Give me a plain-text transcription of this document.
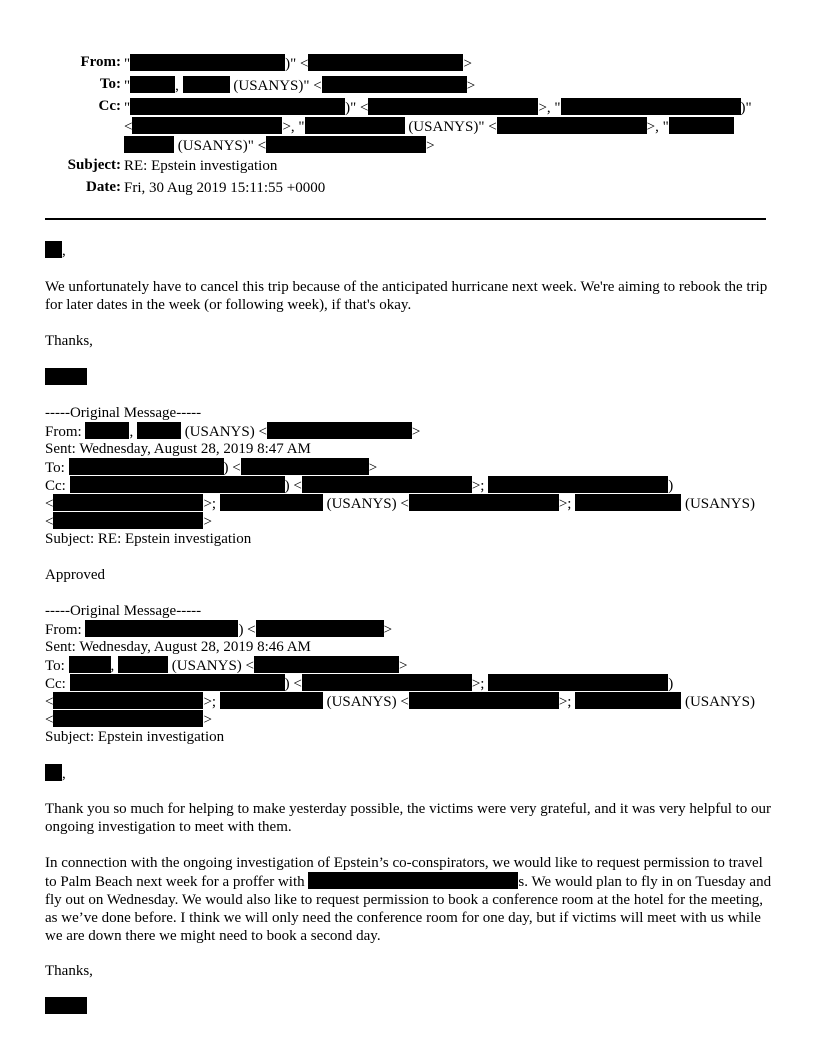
From: "	)" <	>
To: "	,	(USANYS)" <	>
Cc: "	)" <	>, "	)"
<	>, "	(USANYS)" <	>, "
(USANYS)" <	>
Subject: RE: Epstein investigation
Date: Fri, 30 Aug 2019 15:11:55 +0000
,
We unfortunately have to cancel this trip because of the anticipated hurricane next week. We're aiming to rebook the trip for later dates in the week (or following week), if that's okay.
Thanks,
-----Original Message-----
From:	,	(USANYS) <	>
Sent: Wednesday, August 28, 2019 8:47 AM
To:	) <	>
Cc:	) <	>;	)
<	>;	(USANYS) <	>;	(USANYS)
<	>
Subject: RE: Epstein investigation
Approved
-----Original Message-----
From:	) <	>
Sent: Wednesday, August 28, 2019 8:46 AM
To:	,	(USANYS) <	>
Cc:	) <	>;	)
<	>;	(USANYS) <	>;	(USANYS)
<	>
Subject: Epstein investigation
,
Thank you so much for helping to make yesterday possible, the victims were very grateful, and it was very helpful to our ongoing investigation to meet with them.
In connection with the ongoing investigation of Epstein’s co-conspirators, we would like to request permission to travel to Palm Beach next week for a proffer with	s. We would plan to fly in on Tuesday and fly out on Wednesday. We would also like to request permission to book a conference room at the hotel for the meeting, as we’ve done before. I think we will only need the conference room for one day, but if victims will meet with us while we are down there we might need to book a second day.
Thanks,
